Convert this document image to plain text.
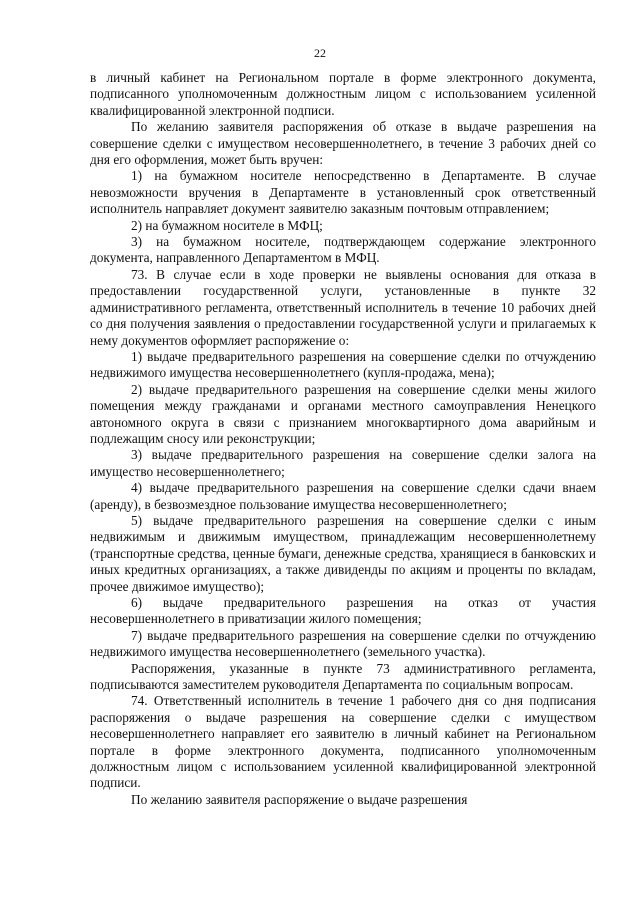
22

в личный кабинет на Региональном портале в форме электронного документа, подписанного уполномоченным должностным лицом с использованием усиленной квалифицированной электронной подписи.

По желанию заявителя распоряжения об отказе в выдаче разрешения на совершение сделки с имуществом несовершеннолетнего, в течение 3 рабочих дней со дня его оформления, может быть вручен:

1) на бумажном носителе непосредственно в Департаменте. В случае невозможности вручения в Департаменте в установленный срок ответственный исполнитель направляет документ заявителю заказным почтовым отправлением;

2) на бумажном носителе в МФЦ;

3) на бумажном носителе, подтверждающем содержание электронного документа, направленного Департаментом в МФЦ.

73. В случае если в ходе проверки не выявлены основания для отказа в предоставлении государственной услуги, установленные в пункте 32 административного регламента, ответственный исполнитель в течение 10 рабочих дней со дня получения заявления о предоставлении государственной услуги и прилагаемых к нему документов оформляет распоряжение о:

1) выдаче предварительного разрешения на совершение сделки по отчуждению недвижимого имущества несовершеннолетнего (купля-продажа, мена);

2) выдаче предварительного разрешения на совершение сделки мены жилого помещения между гражданами и органами местного самоуправления Ненецкого автономного округа в связи с признанием многоквартирного дома аварийным и подлежащим сносу или реконструкции;

3) выдаче предварительного разрешения на совершение сделки залога на имущество несовершеннолетнего;

4) выдаче предварительного разрешения на совершение сделки сдачи внаем (аренду), в безвозмездное пользование имущества несовершеннолетнего;

5) выдаче предварительного разрешения на совершение сделки с иным недвижимым и движимым имуществом, принадлежащим несовершеннолетнему (транспортные средства, ценные бумаги, денежные средства, хранящиеся в банковских и иных кредитных организациях, а также дивиденды по акциям и проценты по вкладам, прочее движимое имущество);

6) выдаче предварительного разрешения на отказ от участия несовершеннолетнего в приватизации жилого помещения;

7) выдаче предварительного разрешения на совершение сделки по отчуждению недвижимого имущества несовершеннолетнего (земельного участка).

Распоряжения, указанные в пункте 73 административного регламента, подписываются заместителем руководителя Департамента по социальным вопросам.

74. Ответственный исполнитель в течение 1 рабочего дня со дня подписания распоряжения о выдаче разрешения на совершение сделки с имуществом несовершеннолетнего направляет его заявителю в личный кабинет на Региональном портале в форме электронного документа, подписанного уполномоченным должностным лицом с использованием усиленной квалифицированной электронной подписи.

По желанию заявителя распоряжение о выдаче разрешения
